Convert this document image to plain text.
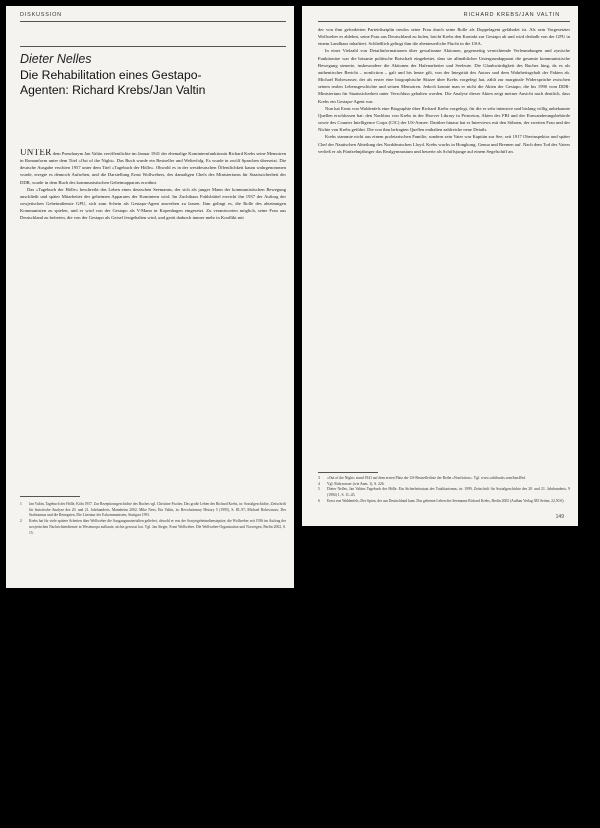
DISKUSSION
Dieter Nelles
Die Rehabilitation eines Gestapo-
Agenten: Richard Krebs/Jan Valtin

UNTER dem Pseudonym Jan Valtin veröffentlichte im Januar 1941 der ehemalige Kominternfunktionär Richard Krebs seine Memoiren in Romanform unter dem Titel »Out of the Night«. Das Buch wurde ein Bestseller und Welterfolg. Es wurde in zwölf Sprachen übersetzt. Die deutsche Ausgabe erschien 1957 unter dem Titel »Tagebuch der Hölle«. Obwohl es in der westdeutschen Öffentlichkeit kaum wahrgenommen wurde, erregte es dennoch Aufsehen, und die Darstellung Ernst Wollwebers, des damaligen Chefs des Ministeriums für Staatssicherheit der DDR, wurde in dem Buch des kommunistischen Geheimapparats erwähnt.

Das »Tagebuch der Hölle« beschreibt das Leben eines deutschen Seemanns, der sich als junger Mann der kommunistischen Bewegung anschließt und später Mitarbeiter des geheimen Apparates der Komintern wird. Im Zuchthaus Fuhlsbüttel erreicht ihn 1937 der Auftrag der sowjetischen Geheimdienste GPU, sich zum Schein als Gestapo-Agent anwerben zu lassen. Ihm gelingt es, die Rolle des abtrünnigen Kommunisten zu spielen, und er wird von der Gestapo als V-Mann in Kopenhagen eingesetzt. Zu verantworten möglich, seine Frau aus Deutschland zu befreien, die von der Gestapo als Geisel festgehalten wird, und gerät dadurch immer mehr in Konflikt mit

1	Jan Valtin, Tagebuch der Hölle, Köln 1957. Zur Rezeptionsgeschichte des Buches vgl. Christine Fischer, Das große Leben des Richard Krebs, in: Sozialgeschichte, Zeitschrift für historische Analyse des 20. und 21. Jahrhunderts, Mannheim 2002; Mike Nees, Ein Valtin, in: Revolutionary History 5 (1995), S. 85–97; Michael Rohrwasser, Der Stalinismus und die Renegaten. Die Literatur der Exkommunisten, Stuttgart 1991.
2	Krebs hat für viele spätere Arbeiten über Wollweber die Ausgangsmaterialien geliefert, obwohl er von der Sowjetgeheimdienstspitze, die Wollweber seit 1936 im Auftrag der sowjetischen Nachrichtendienste in Westeuropa aufbaute, nichts gewusst hat. Vgl. Jan Sieger, Ernst Wollweber. Die Wollweber-Organisation und Norwegen, Berlin 2002, S. 15.
RICHARD KREBS/JAN VALTIN

der von ihm geforderten Parteidisziplin treulos seine Frau durch seine Rolle als Doppelagent gefährdet ist. Als sein Vorgesetzter Wollweber es ablehnt, seine Frau aus Deutschland zu holen, bricht Krebs den Kontakt zur Gestapo ab und wird deshalb von der GPU in einem Landhaus inhaftiert. Schließlich gelingt ihm die abenteuerliche Flucht in die USA.

In einer Vielzahl von Detailinformationen über gewaltsame Aktionen, gegenseitig vernichtende Verleumdungen und zynische Funktionäre war die brisante politische Botschaft eingebettet, dass sie allmählicher Untergrundapparat die gesamte kommunistische Bewegung steuerte, insbesondere die Aktionen der Hafenarbeiter und Seeleute. Die Glaubwürdigkeit des Buches hing, da es als authentischer Bericht – nonfiction – galt und bis heute gilt, von der Integrität des Autors und dem Wahrheitsgehalt der Fakten ab. Michael Rohrwasser, der als erster eine biographische Skizze über Krebs vorgelegt hat, zählt zur marginale Widersprüche zwischen seinen realen Lebensgeschichte und seinen Memoiren. Jedoch konnte man er nicht die Akten der Gestapo, die bis 1990 vom DDR-Ministerium für Staatssicherheit unter Verschluss gehalten worden. Die Analyse dieser Akten zeigt meiner Ansicht nach deutlich, dass Krebs ein Gestapo-Agent war.

Nun hat Ernst von Waldenfels eine Biographie über Richard Krebs vorgelegt, für die er sehr intensive und bislang völlig unbekannte Quellen erschlossen hat: den Nachlass von Krebs in der Hoover Library in Princeton, Akten des FBI und der Einwanderungsbehörde sowie des Counter Intelligence Corps (CIC) der US-Armee. Darüber hinaus hat er Interviews mit den Söhnen, der zweiten Frau und der Nichte von Krebs geführt. Die von ihm befragten Quellen enthalten zahlreiche neue Details.

Krebs stammte nicht aus einem proletarischen Familie, sondern sein Vater war Kapitän zur See, seit 1917 Oberinspektor und später Chef der Nautischen Abteilung des Norddeutschen Lloyd. Krebs wuchs in Hongkong, Genua und Bremen auf. Nach dem Tod des Vaters verließ er als Fünfzehnjähriger das Realgymnasium und heuerte als Schiffsjunge auf einem Segelschiff an.

3	»Out of the Night« stand 1941 auf dem ersten Platz der US-Bestsellerliste der Reihe »Nonfiction«. Vgl. www.caliibooks.com/bsn40nf.
4	Vgl. Rohrwasser (wie Anm. 1), S. 226.
5	Dieter Nelles, Jan Valtins Tagebuch der Hölle. Ein Sicherheitsstaat des Totalitarismus, in: 1999, Zeitschrift für Sozialgeschichte des 20. und 21. Jahrhunderts, 9 (1994) 1, S. 11–45.
6	Ernst von Waldenfels, Der Spion, der aus Deutschland kam. Das geheime Leben des Seemanns Richard Krebs, Berlin 2002 (Aufbau Verlag 383 Seiten, 22,50 €).
149
